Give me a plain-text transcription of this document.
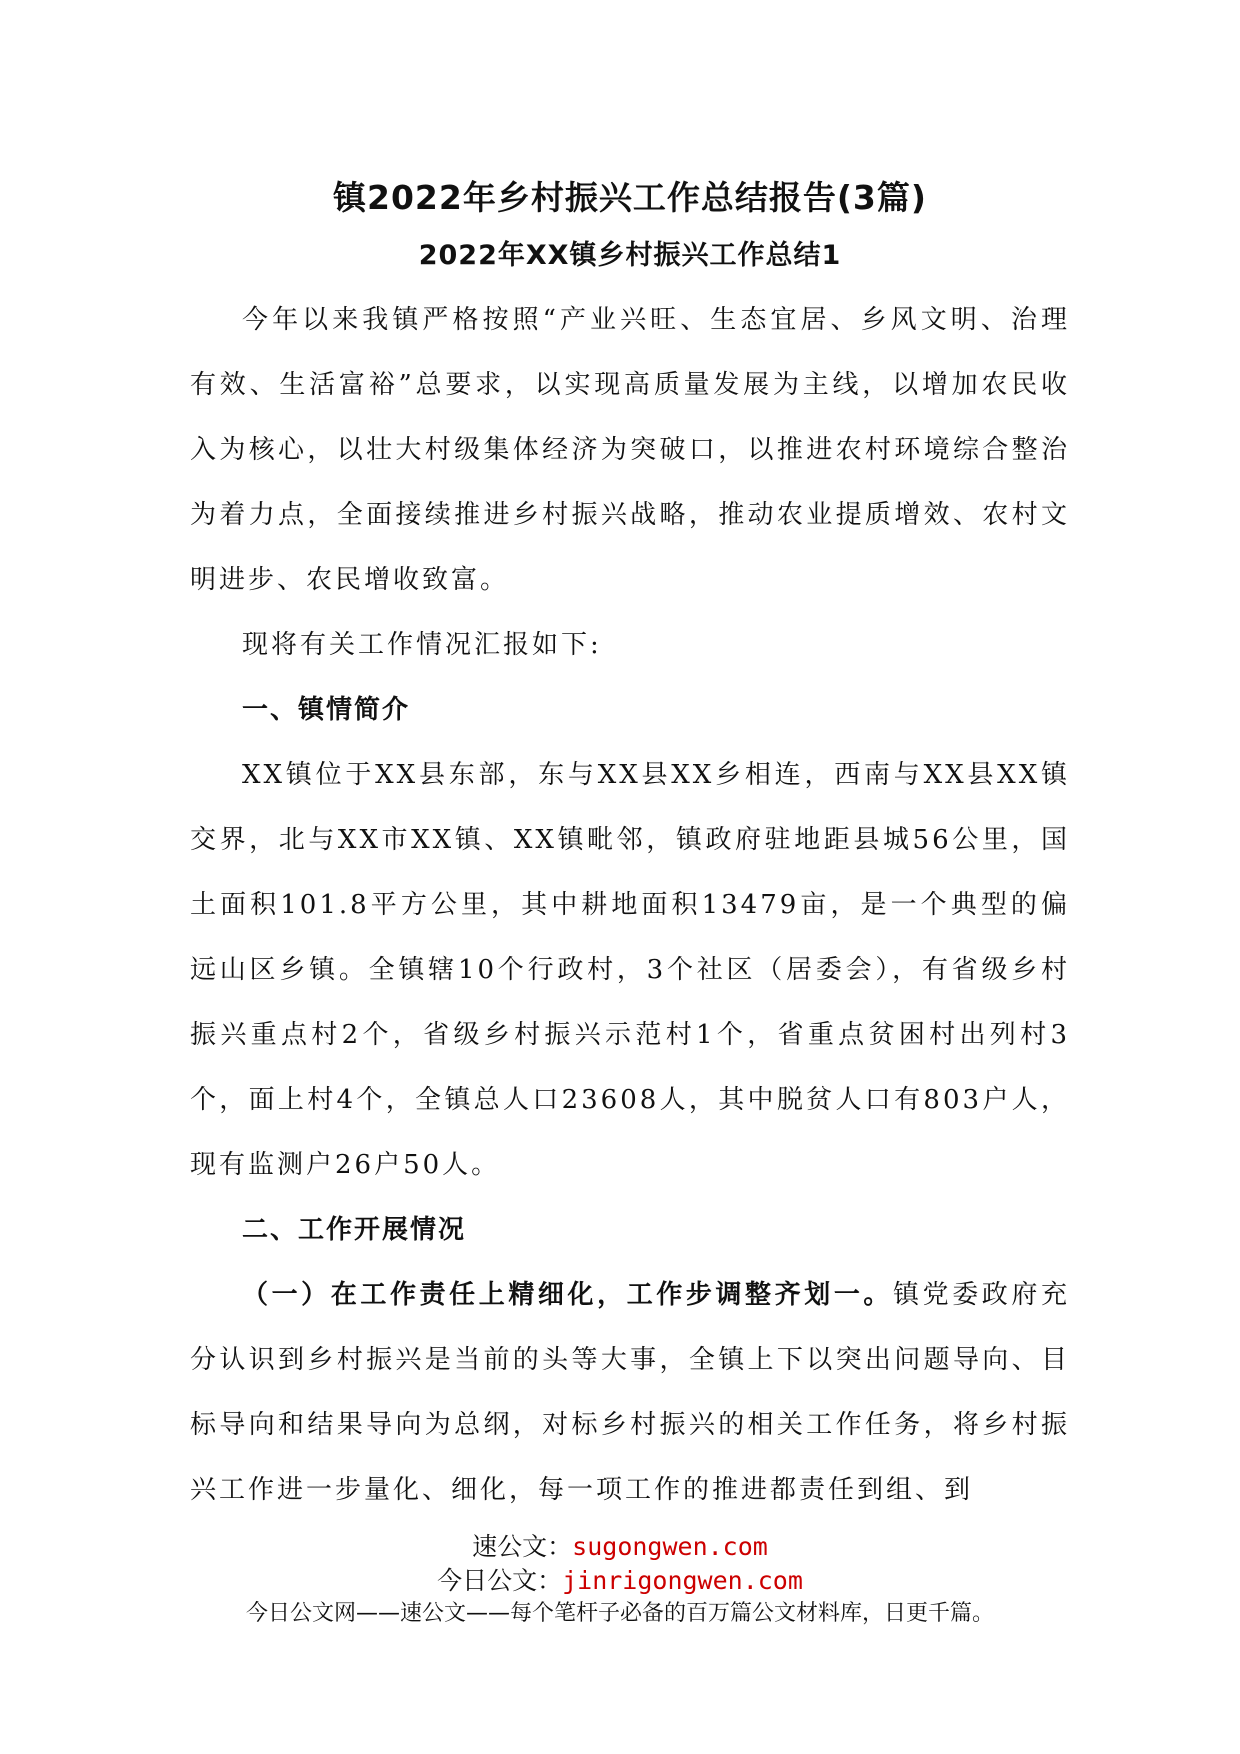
镇2022年乡村振兴工作总结报告(3篇)
2022年XX镇乡村振兴工作总结1

今年以来我镇严格按照“产业兴旺、生态宜居、乡风文明、治理有效、生活富裕”总要求，以实现高质量发展为主线，以增加农民收入为核心，以壮大村级集体经济为突破口，以推进农村环境综合整治为着力点，全面接续推进乡村振兴战略，推动农业提质增效、农村文明进步、农民增收致富。

现将有关工作情况汇报如下:

一、镇情简介

XX镇位于XX县东部，东与XX县XX乡相连，西南与XX县XX镇交界，北与XX市XX镇、XX镇毗邻，镇政府驻地距县城56公里，国土面积101.8平方公里，其中耕地面积13479亩，是一个典型的偏远山区乡镇。全镇辖10个行政村，3个社区（居委会），有省级乡村振兴重点村2个，省级乡村振兴示范村1个，省重点贫困村出列村3个，面上村4个，全镇总人口23608人，其中脱贫人口有803户人，现有监测户26户50人。

二、工作开展情况

（一）在工作责任上精细化，工作步调整齐划一。镇党委政府充分认识到乡村振兴是当前的头等大事，全镇上下以突出问题导向、目标导向和结果导向为总纲，对标乡村振兴的相关工作任务，将乡村振兴工作进一步量化、细化，每一项工作的推进都责任到组、到

速公文：sugongwen.com
今日公文：jinrigongwen.com
今日公文网——速公文——每个笔杆子必备的百万篇公文材料库，日更千篇。
